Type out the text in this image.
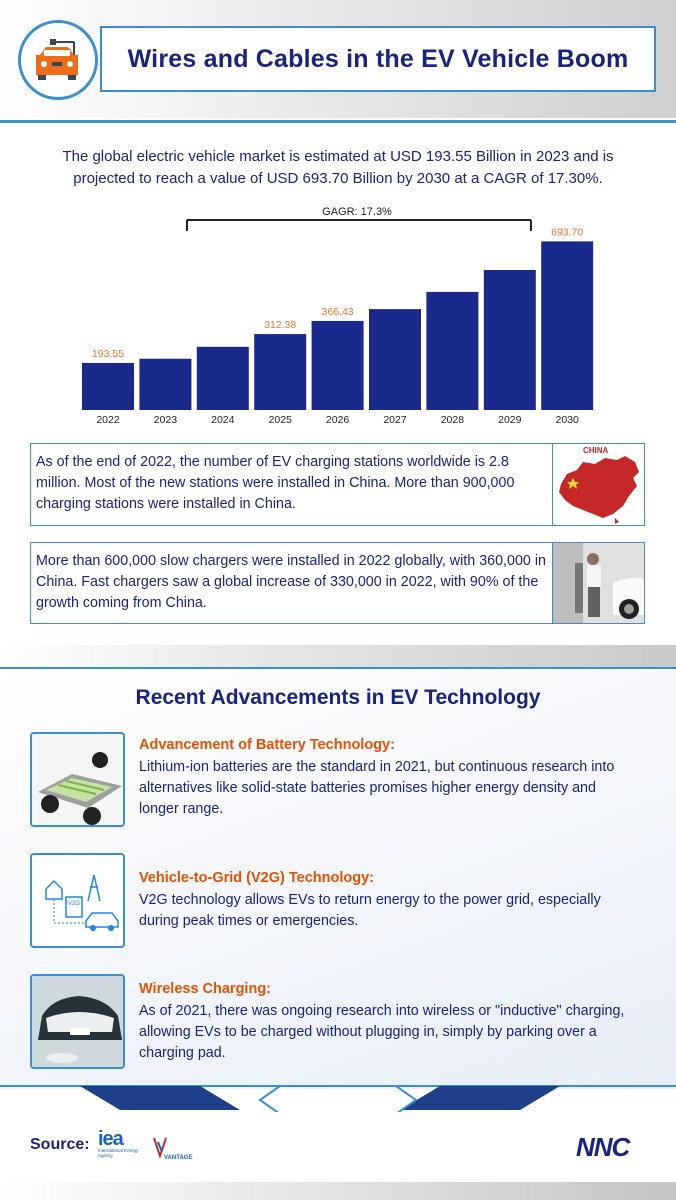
Wires and Cables in the EV Vehicle Boom

The global electric vehicle market is estimated at USD 193.55 Billion in 2023 and is projected to reach a value of USD 693.70 Billion by 2030 at a CAGR of 17.30%.

GAGR: 17.3%
2022
193.55
2023	2024	2025
312.38
2026
366.43
2027	2028	2029	2030
693.70

As of the end of 2022, the number of EV charging stations worldwide is 2.8 million. Most of the new stations were installed in China. More than 900,000 charging stations were installed in China.

CHINA

More than 600,000 slow chargers were installed in 2022 globally, with 360,000 in China. Fast chargers saw a global increase of 330,000 in 2022, with 90% of the growth coming from China.

Recent Advancements in EV Technology
Advancement of Battery Technology:
Lithium-ion batteries are the standard in 2021, but continuous research into alternatives like solid-state batteries promises higher energy density and longer range.
V2G
Vehicle-to-Grid (V2G) Technology:
V2G technology allows EVs to return energy to the power grid, especially during peak times or emergencies.
Wireless Charging:
As of 2021, there was ongoing research into wireless or "inductive" charging, allowing EVs to be charged without plugging in, simply by parking over a charging pad.
Source: iea
International Energy Agency	VANTAGE	NNC
